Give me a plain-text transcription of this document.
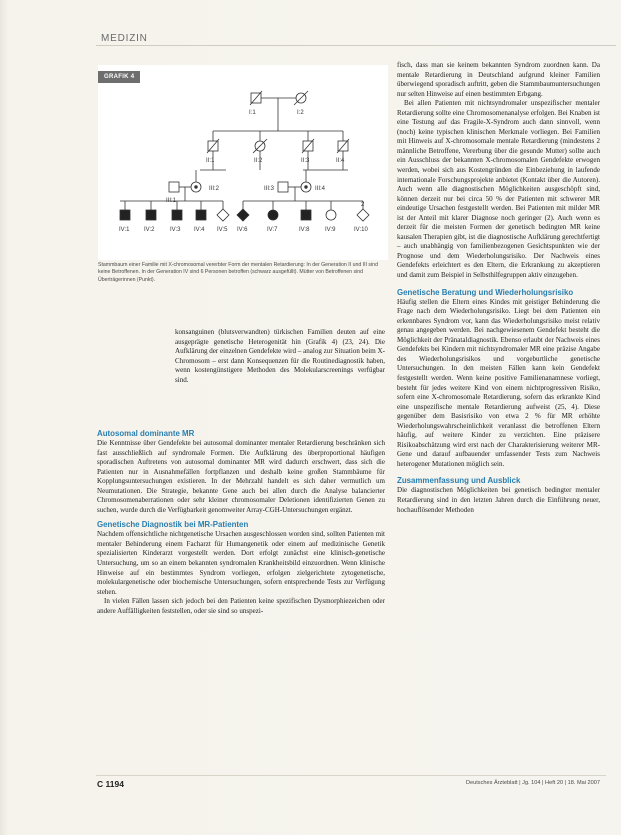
MEDIZIN
I:1	I:2
II:1	II:2	II:3	II:4
III:1
III:2	III:3	III:4
IV:1 IV:2	IV:3 IV:4 IV:5 IV:6	IV:7	IV:8	IV:9	IV:10
2
GRAFIK 4
Stammbaum einer Familie mit X-chromosomal vererbter Form der mentalen Retardierung: In der Generation II und III sind keine Betroffenen. In der Generation IV sind 6 Personen betroffen (schwarz ausgefüllt). Mütter von Betroffenen sind Überträgerinnen (Punkt).

konsanguinen (blutsverwandten) türkischen Familien deuten auf eine ausgeprägte genetische Heterogenität hin (Grafik 4) (23, 24). Die Aufklärung der einzelnen Gendefekte wird – analog zur Situation beim X-Chromosom – erst dann Konsequenzen für die Routinediagnostik haben, wenn kostengünstigere Methoden des Molekularscreenings verfügbar sind.

Autosomal dominante MR

Die Kenntnisse über Gendefekte bei autosomal dominanter mentaler Retardierung beschränken sich fast ausschließlich auf syndromale Formen. Die Aufklärung des überproportional häufigen sporadischen Auftretens von autosomal dominanter MR wird dadurch erschwert, dass sich die Patienten nur in Ausnahmefällen fortpflanzen und deshalb keine großen Stammbäume für Kopplungsuntersuchungen existieren. In der Mehrzahl handelt es sich daher vermutlich um Neumutationen. Die Strategie, bekannte Gene auch bei allen durch die Analyse balancierter Chromosomenaberrationen oder sehr kleiner chromosomaler Deletionen identifizierten Genen zu suchen, wurde durch die Verfügbarkeit genomweiter Array-CGH-Untersuchungen ergänzt.

Genetische Diagnostik bei MR-Patienten

Nachdem offensichtliche nichtgenetische Ursachen ausgeschlossen worden sind, sollten Patienten mit mentaler Behinderung einem Facharzt für Humangenetik oder einem auf medizinische Genetik spezialisierten Kinderarzt vorgestellt werden. Dort erfolgt zunächst eine klinisch-genetische Untersuchung, um so an einem bekannten syndromalen Krankheitsbild einzuordnen. Wenn klinische Hinweise auf ein bestimmtes Syndrom vorliegen, erfolgen zielgerichtete zytogenetische, molekulargenetische oder biochemische Untersuchungen, sofern entsprechende Tests zur Verfügung stehen.

In vielen Fällen lassen sich jedoch bei den Patienten keine spezifischen Dysmorphiezeichen oder andere Auffälligkeiten feststellen, oder sie sind so unspezi-

fisch, dass man sie keinem bekannten Syndrom zuordnen kann. Da mentale Retardierung in Deutschland aufgrund kleiner Familien überwiegend sporadisch auftritt, geben die Stammbaumuntersuchungen nur selten Hinweise auf einen bestimmten Erbgang.

Bei allen Patienten mit nichtsyndromaler unspezifischer mentaler Retardierung sollte eine Chromosomenanalyse erfolgen. Bei Knaben ist eine Testung auf das Fragile-X-Syndrom auch dann sinnvoll, wenn (noch) keine typischen klinischen Merkmale vorliegen. Bei Familien mit Hinweis auf X-chromosomale mentale Retardierung (mindestens 2 männliche Betroffene, Vererbung über die gesunde Mutter) sollte auch ein Ausschluss der bekannten X-chromosomalen Gendefekte erwogen werden, wobei sich aus Kostengründen die Einbeziehung in laufende internationale Forschungsprojekte anbietet (Kontakt über die Autoren). Auch wenn alle diagnostischen Möglichkeiten ausgeschöpft sind, können derzeit nur bei circa 50 % der Patienten mit schwerer MR eindeutige Ursachen festgestellt werden. Bei Patienten mit milder MR ist der Anteil mit klarer Diagnose noch geringer (2). Auch wenn es derzeit für die meisten Formen der genetisch bedingten MR keine kausalen Therapien gibt, ist die diagnostische Aufklärung gerechtfertigt – auch unabhängig von familienbezogenen Gesichtspunkten wie der Prognose und dem Wiederholungsrisiko. Der Nachweis eines Gendefekts erleichtert es den Eltern, die Erkrankung zu akzeptieren und damit zum Beispiel in Selbsthilfegruppen aktiv einzugehen.

Genetische Beratung und Wiederholungsrisiko

Häufig stellen die Eltern eines Kindes mit geistiger Behinderung die Frage nach dem Wiederholungsrisiko. Liegt bei dem Patienten ein erkennbares Syndrom vor, kann das Wiederholungsrisiko meist relativ genau angegeben werden. Bei nachgewiesenem Gendefekt besteht die Möglichkeit der Pränataldiagnostik. Ebenso erlaubt der Nachweis eines Gendefekts bei Kindern mit nichtsyndromaler MR eine präzise Angabe des Wiederholungsrisikos und vorgeburtliche genetische Untersuchungen. In den meisten Fällen kann kein Gendefekt festgestellt werden. Wenn keine positive Familienanamnese vorliegt, besteht für jedes weitere Kind von einem nichtprogressiven Risiko, sofern eine X-chromosomale Retardierung, sofern das erkrankte Kind eine unspezifische mentale Retardierung aufweist (25, 4). Diese gegenüber dem Basisrisiko von etwa 2 % für MR erhöhte Wiederholungswahrscheinlichkeit veranlasst die betroffenen Eltern häufig, auf weitere Kinder zu verzichten. Eine präzisere Risikoabschätzung wird erst nach der Charakterisierung weiterer MR-Gene und darauf aufbauender umfassender Tests zum Nachweis heterogener Mutationen möglich sein.

Zusammenfassung und Ausblick

Die diagnostischen Möglichkeiten bei genetisch bedingter mentaler Retardierung sind in den letzten Jahren durch die Einführung neuer, hochauflösender Methoden

C 1194	Deutsches Ärzteblatt | Jg. 104 | Heft 20 | 18. Mai 2007
